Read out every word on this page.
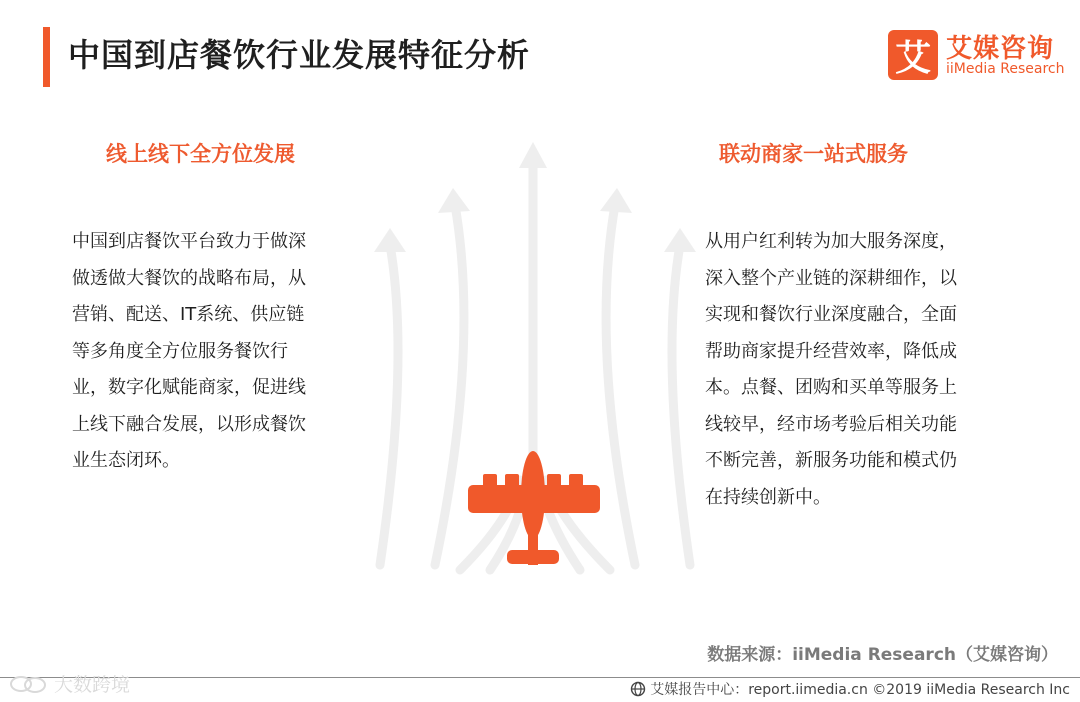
中国到店餐饮行业发展特征分析	艾 艾媒咨询
iiMedia Research
线上线下全方位发展
中国到店餐饮平台致力于做深
做透做大餐饮的战略布局，从
营销、配送、IT系统、供应链
等多角度全方位服务餐饮行
业，数字化赋能商家，促进线
上线下融合发展，以形成餐饮
业生态闭环。
联动商家一站式服务
从用户红利转为加大服务深度，
深入整个产业链的深耕细作，以
实现和餐饮行业深度融合，全面
帮助商家提升经营效率，降低成
本。点餐、团购和买单等服务上
线较早，经市场考验后相关功能
不断完善，新服务功能和模式仍
在持续创新中。
数据来源：iiMedia Research（艾媒咨询）
艾媒报告中心：report.iimedia.cn ©2019 iiMedia Research Inc
大数跨境
